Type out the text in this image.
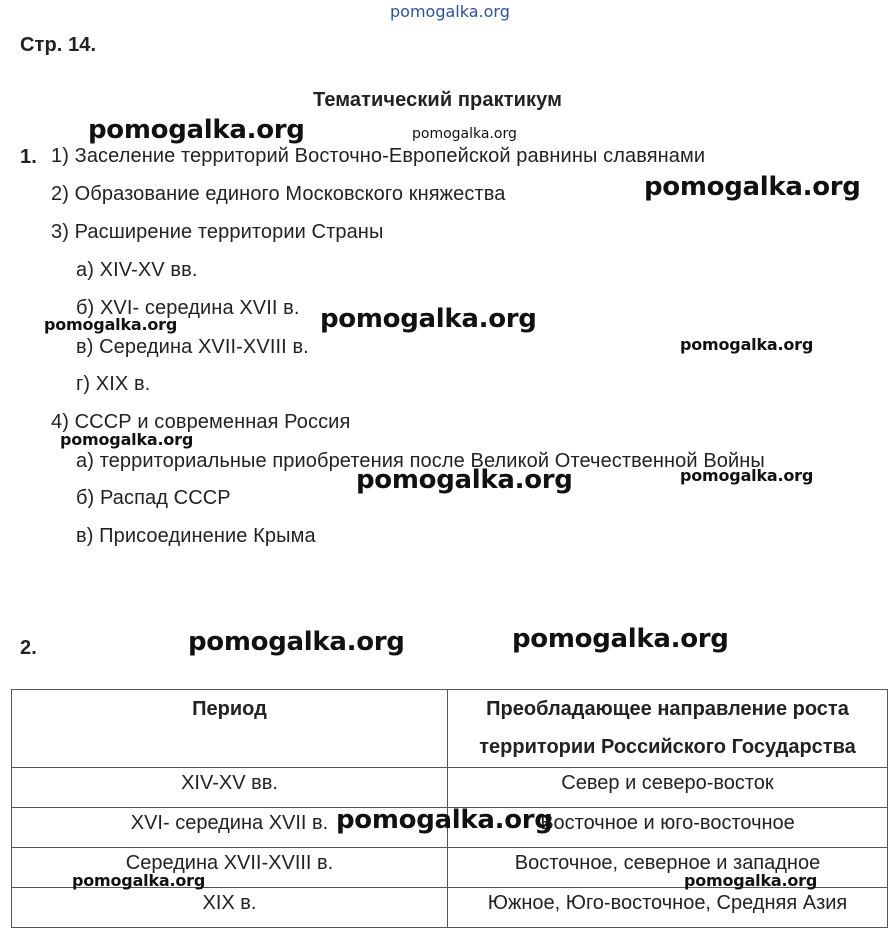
pomogalka.org
Стр. 14.
Тематический практикум
1. 1) Заселение территорий Восточно-Европейской равнины славянами
2) Образование единого Московского княжества
3) Расширение территории Страны
а) XIV-XV вв.
б) XVI- середина XVII в.
в) Середина XVII-XVIII в.
г) XIX в.
4) СССР и современная Россия
а) территориальные приобретения после Великой Отечественной Войны
б) Распад СССР
в) Присоединение Крыма
2.
Период	Преобладающее направление роста
территории Российского Государства

XIV-XV вв.	Север и северо-восток
XVI- середина XVII в.	Восточное и юго-восточное
Середина XVII-XVIII в.	Восточное, северное и западное
XIX в.	Южное, Юго-восточное, Средняя Азия
pomogalka.org	pomogalka.org
pomogalka.org
pomogalka.org	pomogalka.org
pomogalka.org
pomogalka.org
pomogalka.org	pomogalka.org
pomogalka.org	pomogalka.org
pomogalka.org
pomogalka.org	pomogalka.org
